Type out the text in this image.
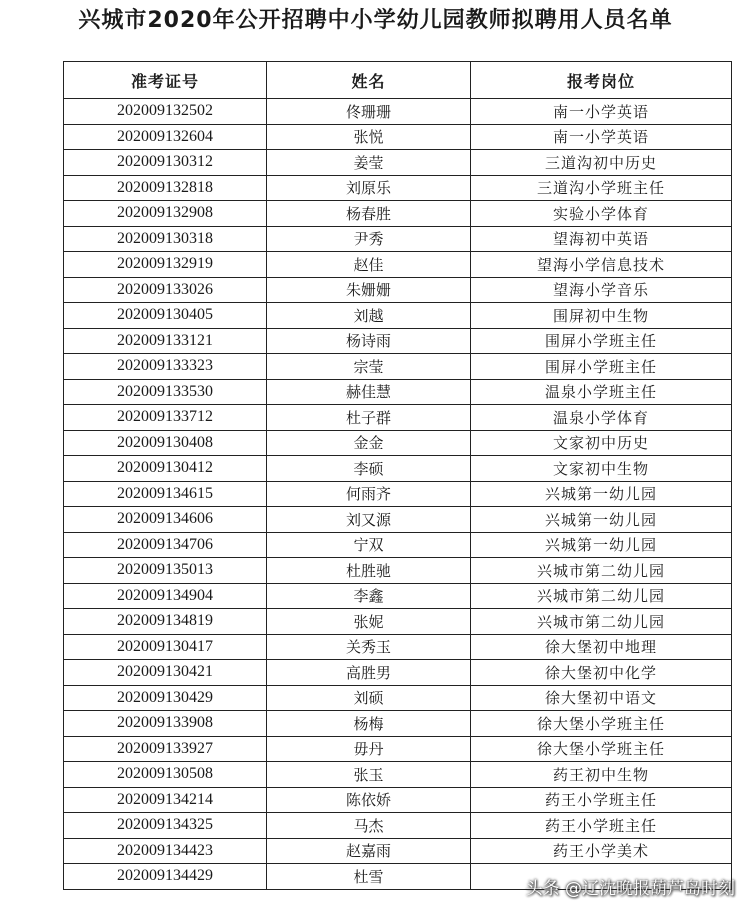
兴城市2020年公开招聘中小学幼儿园教师拟聘用人员名单
准考证号	姓名	报考岗位
202009132502	佟珊珊	南一小学英语
202009132604	张悦	南一小学英语
202009130312	姜莹	三道沟初中历史
202009132818	刘原乐	三道沟小学班主任
202009132908	杨春胜	实验小学体育
202009130318	尹秀	望海初中英语
202009132919	赵佳	望海小学信息技术
202009133026	朱姗姗	望海小学音乐
202009130405	刘越	围屏初中生物
202009133121	杨诗雨	围屏小学班主任
202009133323	宗莹	围屏小学班主任
202009133530	赫佳慧	温泉小学班主任
202009133712	杜子群	温泉小学体育
202009130408	金金	文家初中历史
202009130412	李硕	文家初中生物
202009134615	何雨齐	兴城第一幼儿园
202009134606	刘又源	兴城第一幼儿园
202009134706	宁双	兴城第一幼儿园
202009135013	杜胜驰	兴城市第二幼儿园
202009134904	李鑫	兴城市第二幼儿园
202009134819	张妮	兴城市第二幼儿园
202009130417	关秀玉	徐大堡初中地理
202009130421	高胜男	徐大堡初中化学
202009130429	刘硕	徐大堡初中语文
202009133908	杨梅	徐大堡小学班主任
202009133927	毋丹	徐大堡小学班主任
202009130508	张玉	药王初中生物
202009134214	陈依娇	药王小学班主任
202009134325	马杰	药王小学班主任
202009134423	赵嘉雨	药王小学美术
202009134429	杜雪	
头条 @辽沈晚报葫芦岛时刻
